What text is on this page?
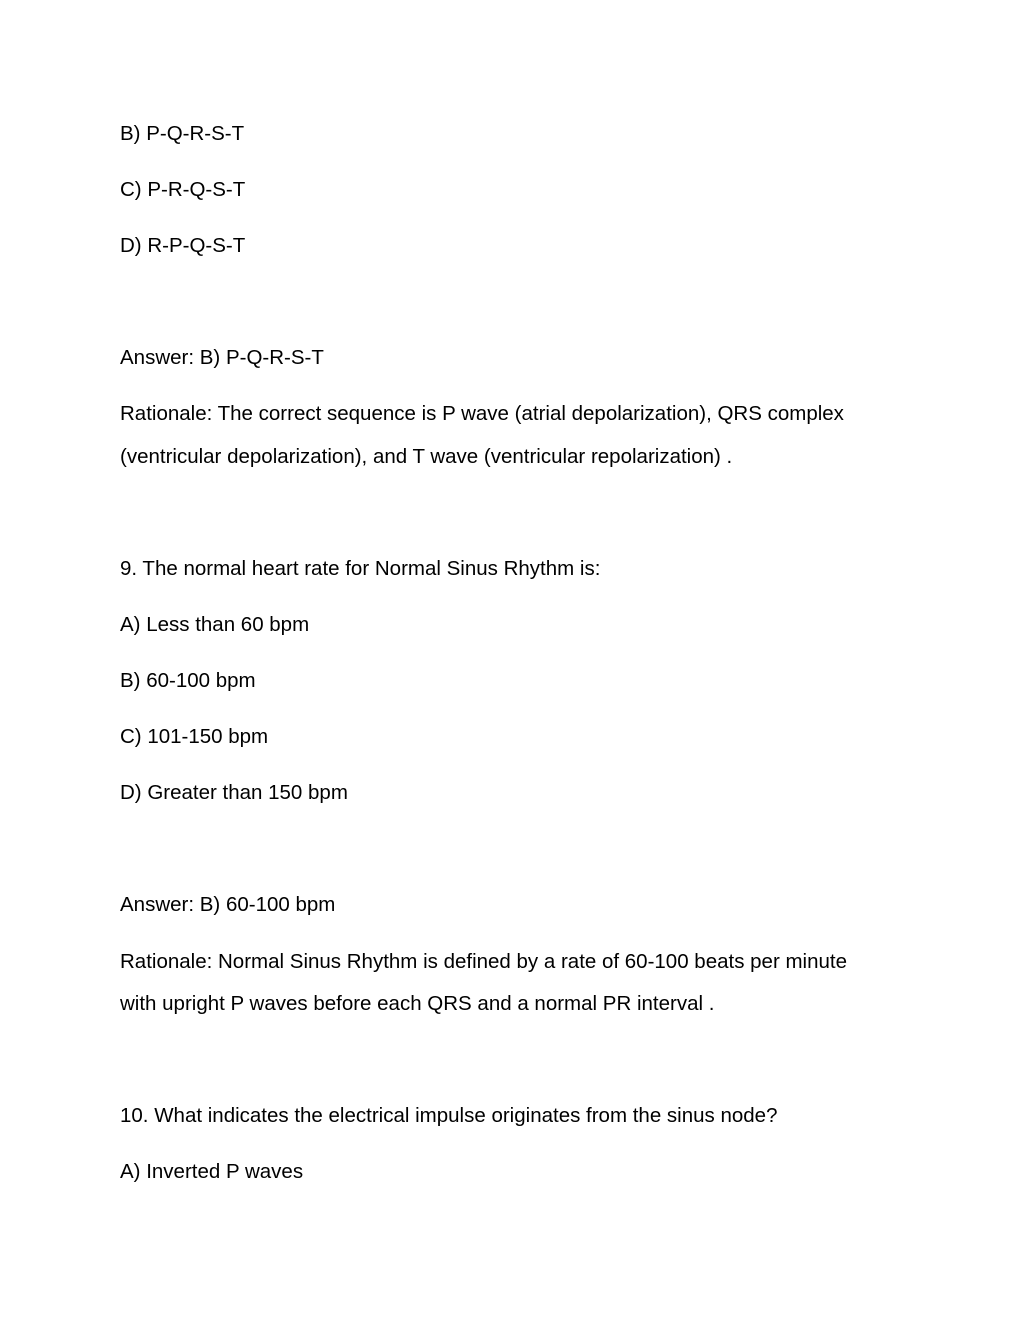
B) P-Q-R-S-T
C) P-R-Q-S-T
D) R-P-Q-S-T
Answer: B) P-Q-R-S-T
Rationale: The correct sequence is P wave (atrial depolarization), QRS complex
(ventricular depolarization), and T wave (ventricular repolarization) .
9. The normal heart rate for Normal Sinus Rhythm is:
A) Less than 60 bpm
B) 60-100 bpm
C) 101-150 bpm
D) Greater than 150 bpm
Answer: B) 60-100 bpm
Rationale: Normal Sinus Rhythm is defined by a rate of 60-100 beats per minute
with upright P waves before each QRS and a normal PR interval .
10. What indicates the electrical impulse originates from the sinus node?
A) Inverted P waves
